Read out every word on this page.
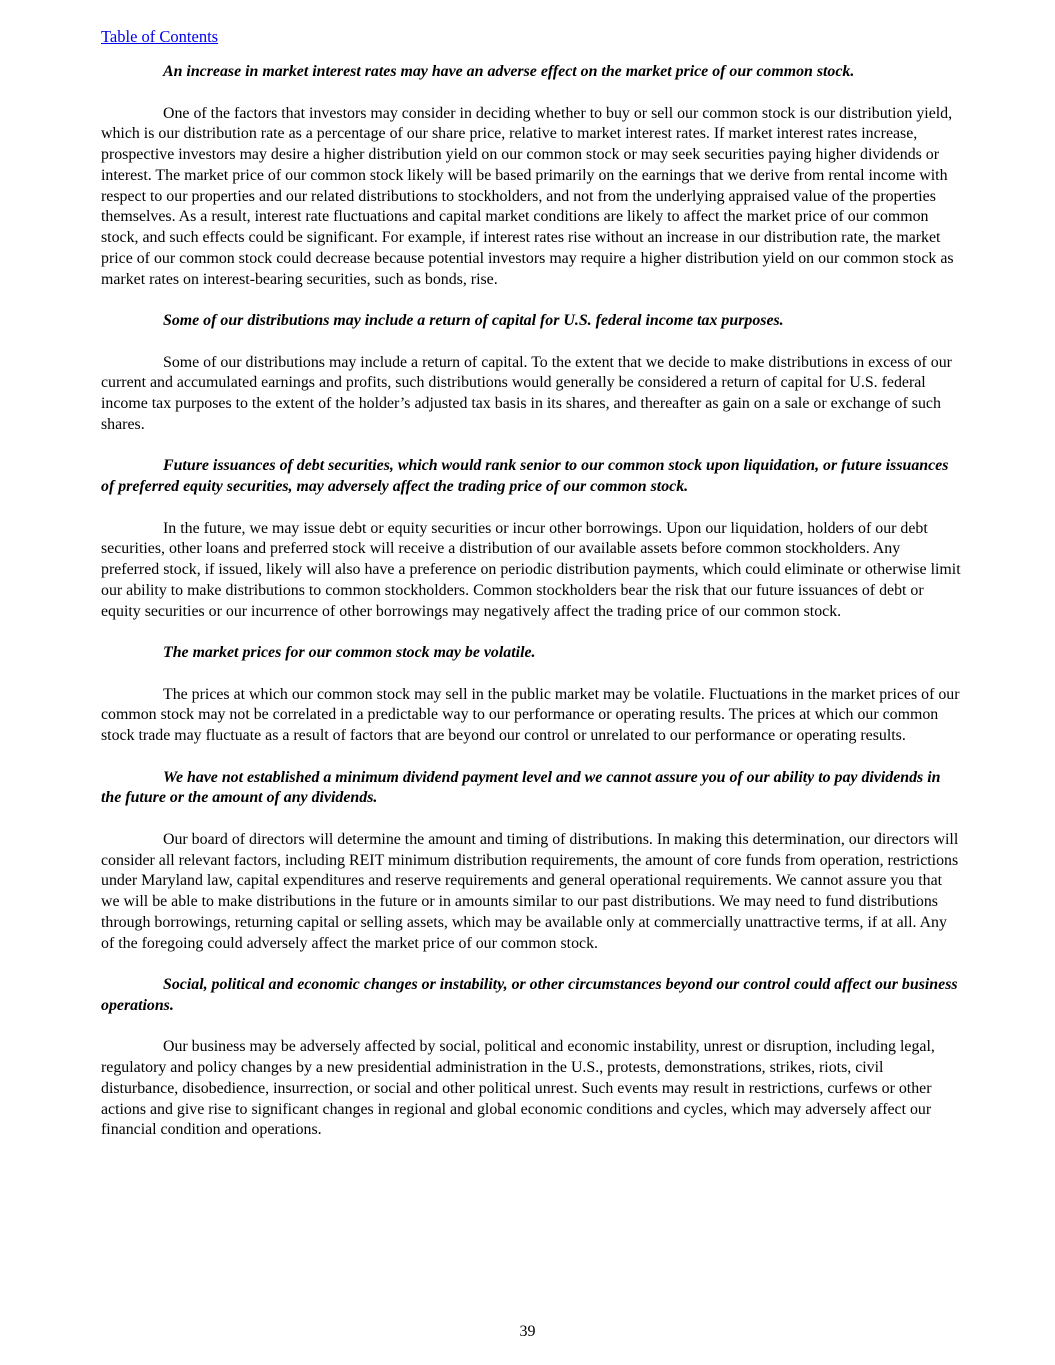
Table of Contents

An increase in market interest rates may have an adverse effect on the market price of our common stock.

One of the factors that investors may consider in deciding whether to buy or sell our common stock is our distribution yield, which is our distribution rate as a percentage of our share price, relative to market interest rates. If market interest rates increase, prospective investors may desire a higher distribution yield on our common stock or may seek securities paying higher dividends or interest. The market price of our common stock likely will be based primarily on the earnings that we derive from rental income with respect to our properties and our related distributions to stockholders, and not from the underlying appraised value of the properties themselves. As a result, interest rate fluctuations and capital market conditions are likely to affect the market price of our common stock, and such effects could be significant. For example, if interest rates rise without an increase in our distribution rate, the market price of our common stock could decrease because potential investors may require a higher distribution yield on our common stock as market rates on interest-bearing securities, such as bonds, rise.

Some of our distributions may include a return of capital for U.S. federal income tax purposes.

Some of our distributions may include a return of capital. To the extent that we decide to make distributions in excess of our current and accumulated earnings and profits, such distributions would generally be considered a return of capital for U.S. federal income tax purposes to the extent of the holder’s adjusted tax basis in its shares, and thereafter as gain on a sale or exchange of such shares.

Future issuances of debt securities, which would rank senior to our common stock upon liquidation, or future issuances of preferred equity securities, may adversely affect the trading price of our common stock.

In the future, we may issue debt or equity securities or incur other borrowings. Upon our liquidation, holders of our debt securities, other loans and preferred stock will receive a distribution of our available assets before common stockholders. Any preferred stock, if issued, likely will also have a preference on periodic distribution payments, which could eliminate or otherwise limit our ability to make distributions to common stockholders. Common stockholders bear the risk that our future issuances of debt or equity securities or our incurrence of other borrowings may negatively affect the trading price of our common stock.

The market prices for our common stock may be volatile.

The prices at which our common stock may sell in the public market may be volatile. Fluctuations in the market prices of our common stock may not be correlated in a predictable way to our performance or operating results. The prices at which our common stock trade may fluctuate as a result of factors that are beyond our control or unrelated to our performance or operating results.

We have not established a minimum dividend payment level and we cannot assure you of our ability to pay dividends in the future or the amount of any dividends.

Our board of directors will determine the amount and timing of distributions. In making this determination, our directors will consider all relevant factors, including REIT minimum distribution requirements, the amount of core funds from operation, restrictions under Maryland law, capital expenditures and reserve requirements and general operational requirements. We cannot assure you that we will be able to make distributions in the future or in amounts similar to our past distributions. We may need to fund distributions through borrowings, returning capital or selling assets, which may be available only at commercially unattractive terms, if at all. Any of the foregoing could adversely affect the market price of our common stock.

Social, political and economic changes or instability, or other circumstances beyond our control could affect our business operations.

Our business may be adversely affected by social, political and economic instability, unrest or disruption, including legal, regulatory and policy changes by a new presidential administration in the U.S., protests, demonstrations, strikes, riots, civil disturbance, disobedience, insurrection, or social and other political unrest. Such events may result in restrictions, curfews or other actions and give rise to significant changes in regional and global economic conditions and cycles, which may adversely affect our financial condition and operations.

39
